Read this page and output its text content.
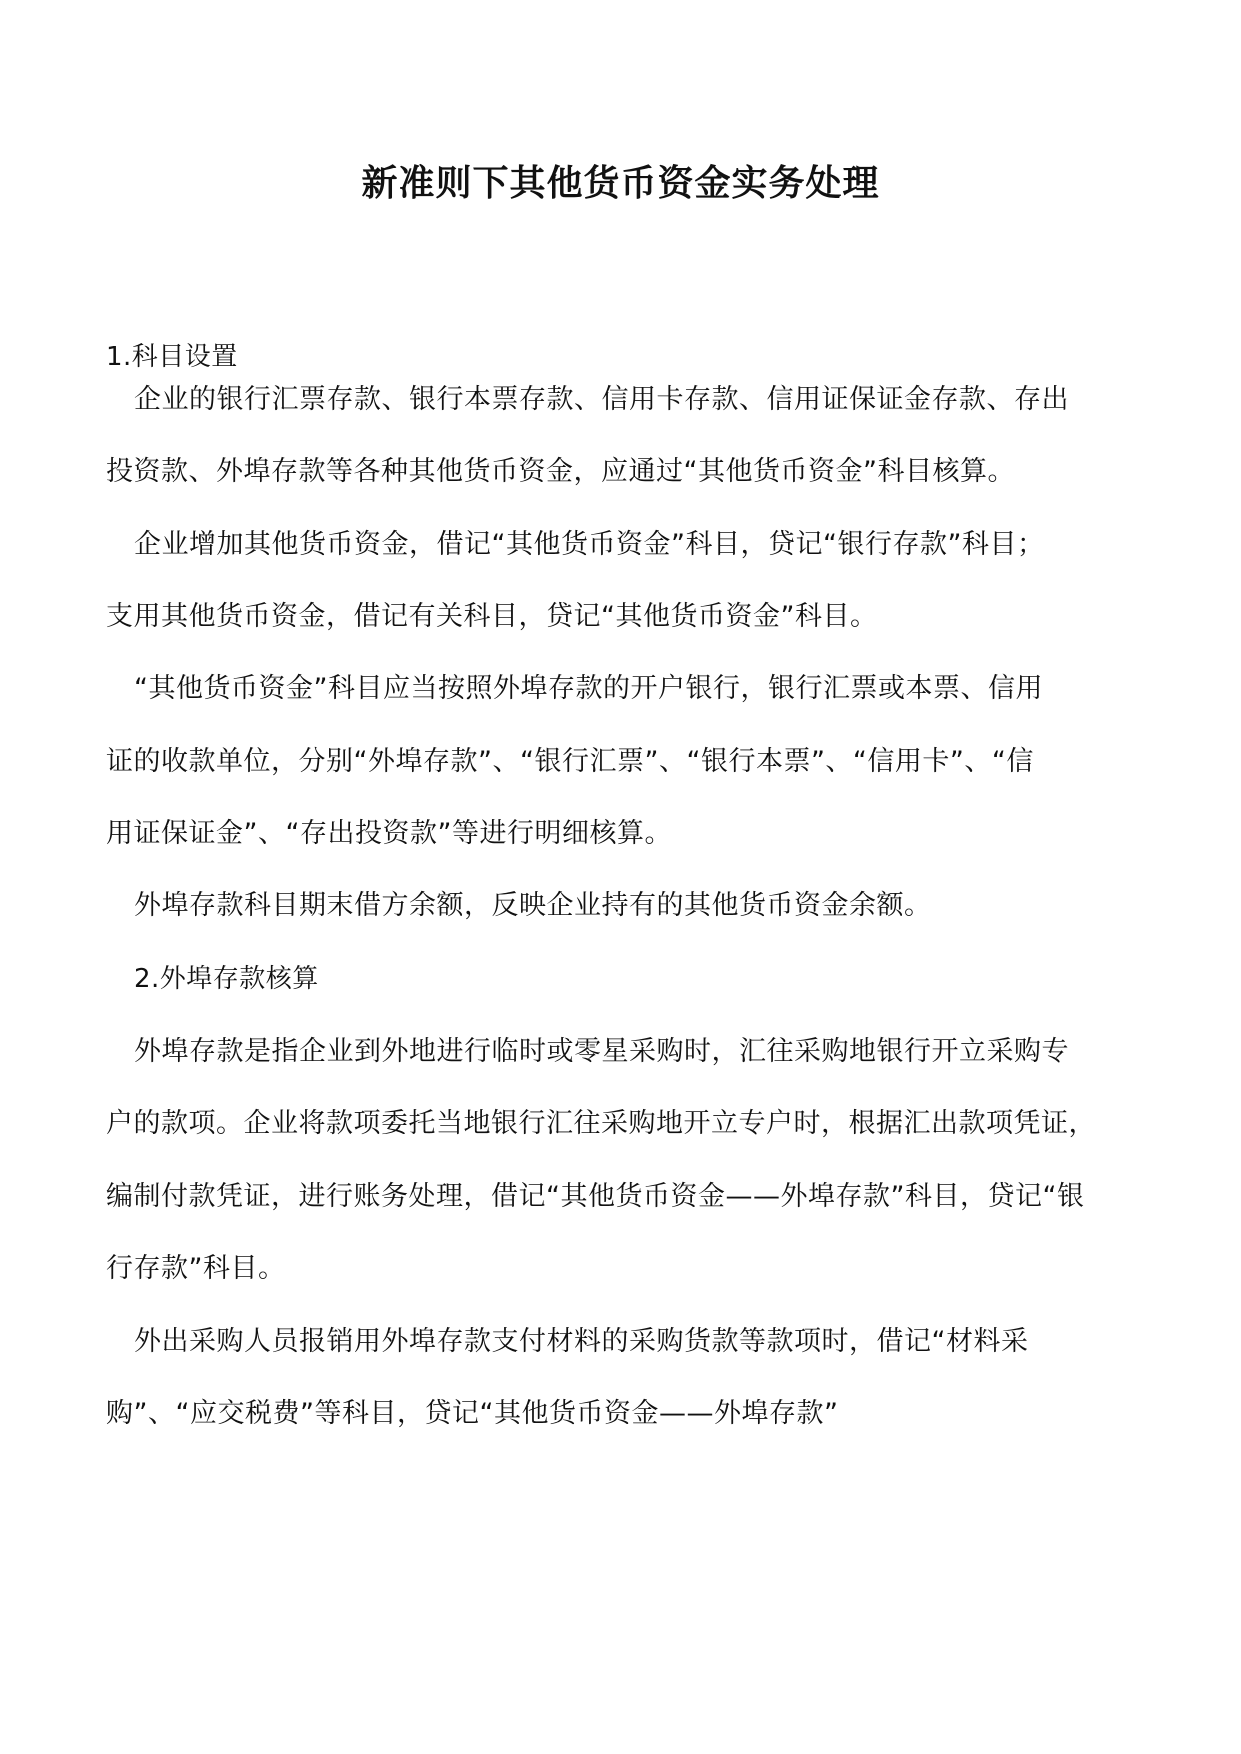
新准则下其他货币资金实务处理
1.科目设置
企业的银行汇票存款、银行本票存款、信用卡存款、信用证保证金存款、存出
投资款、外埠存款等各种其他货币资金，应通过“其他货币资金”科目核算。
企业增加其他货币资金，借记“其他货币资金”科目，贷记“银行存款”科目；
支用其他货币资金，借记有关科目，贷记“其他货币资金”科目。
“其他货币资金”科目应当按照外埠存款的开户银行，银行汇票或本票、信用
证的收款单位，分别“外埠存款”、“银行汇票”、“银行本票”、“信用卡”、“信
用证保证金”、“存出投资款”等进行明细核算。
外埠存款科目期末借方余额，反映企业持有的其他货币资金余额。
2.外埠存款核算
外埠存款是指企业到外地进行临时或零星采购时，汇往采购地银行开立采购专
户的款项。企业将款项委托当地银行汇往采购地开立专户时，根据汇出款项凭证，
编制付款凭证，进行账务处理，借记“其他货币资金——外埠存款”科目，贷记“银
行存款”科目。
外出采购人员报销用外埠存款支付材料的采购货款等款项时，借记“材料采
购”、“应交税费”等科目，贷记“其他货币资金——外埠存款”
